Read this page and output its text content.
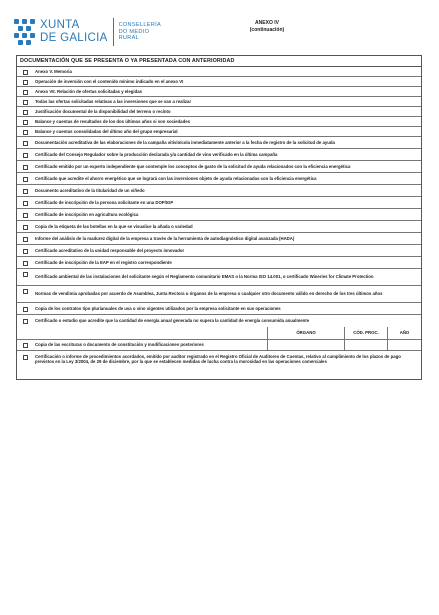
XUNTA
DE GALICIA
CONSELLERÍA
DO MEDIO
RURAL
ANEXO IV
(continuación)
DOCUMENTACIÓN QUE SE PRESENTA O YA PRESENTADA CON ANTERIORIDAD
Anexo V. Memoria
Operación de inversión con el contenido mínimo indicado en el anexo VI
Anexo VII. Relación de ofertas solicitadas y elegidas
Todas las ofertas solicitadas relativas a las inversiones que se van a realizar
Justificación documental de la disponibilidad del terreno o recinto
Balance y cuentas de resultados de los dos últimos años si son sociedades
Balance y cuentas consolidadas del último año del grupo empresarial
Documentación acreditativa de las elaboraciones de la campaña vitivinícola inmediatamente anterior a la fecha de registro de la solicitud de ayuda
Certificado del Consejo Regulador sobre la producción declarada y/a cantidad de vino verificado en la última campaña
Certificado emitido por un experto independiente que contemple los conceptos de gasto de la solicitud de ayuda relacionados con la eficiencia energética
Certificado que acredite el ahorro energético que se logrará con las inversiones objeto de ayuda relacionadas con la eficiencia energética
Documento acreditativo de la titularidad de un viñedo
Certificado de inscripción de la persona solicitante en una DOP/IGP
Certificado de inscripción en agricultura ecológica
Copia de la etiqueta de las botellas en la que se visualice la añada o variedad
Informe del análisis de la madurez digital de la empresa a través de la herramienta de autodiagnóstico digital avanzada (HADA)
Certificado acreditativo de la unidad responsable del proyecto innovador
Certificado de inscripción de la EAP en el registro correspondiente
Certificado ambiental de las instalaciones del solicitante según el Reglamento comunitario EMAS o la Norma ISO 14.001, o certificado Wineries for Climate Protection
Normas de vendimia aprobadas por acuerdo de Asamblea, Junta Rectora u órganos de la empresa o cualquier otro documento válido en derecho de los tres últimos años
Copia de los contratos tipo plurianuales de uva o vino vigentes utilizados por la empresa solicitante en sus operaciones
Certificado o estudio que acredite que la cantidad de energía anual generada no supera la cantidad de energía consumida anualmente
ÓRGANO	CÓD. PROC.	AÑO
Copia de las escrituras o documento de constitución y modificaciones posteriores
Certificación o informe de procedimientos acordados, emitido por auditor registrado en el Registro Oficial de Auditores de Cuentas, relativo al cumplimiento de los plazos de pago previstos en la Ley 3/2004, de 29 de diciembre, por la que se establecen medidas de lucha contra la morosidad en las operaciones comerciales
